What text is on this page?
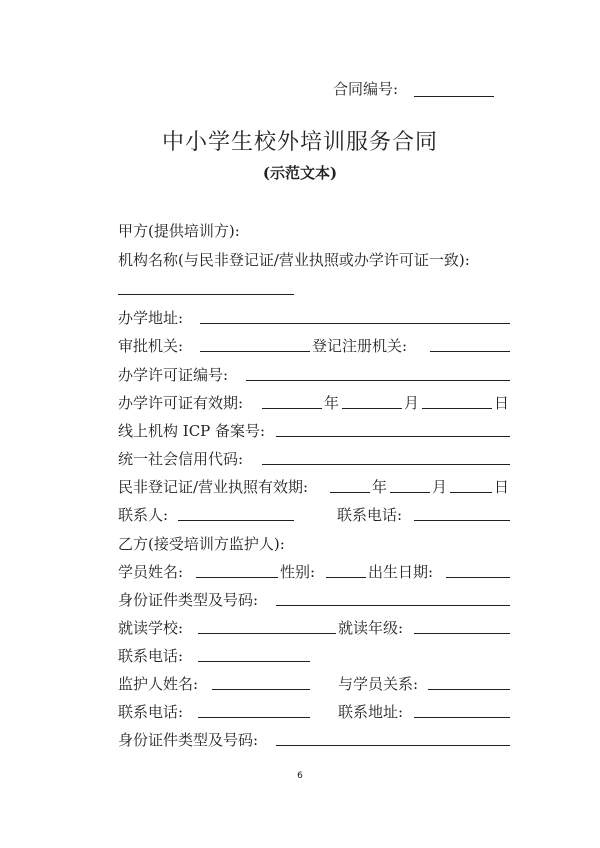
合同编号:
中小学生校外培训服务合同
(示范文本)
甲方(提供培训方):
机构名称(与民非登记证/营业执照或办学许可证一致):
办学地址:
审批机关:	登记注册机关:
办学许可证编号:
办学许可证有效期:	年	月	日
线上机构 ICP 备案号:
统一社会信用代码:
民非登记证/营业执照有效期:	年	月	日
联系人:	联系电话:
乙方(接受培训方监护人):
学员姓名:	性别:	出生日期:
身份证件类型及号码:
就读学校:	就读年级:
联系电话:
监护人姓名:	与学员关系:
联系电话:	联系地址:
身份证件类型及号码:
6
